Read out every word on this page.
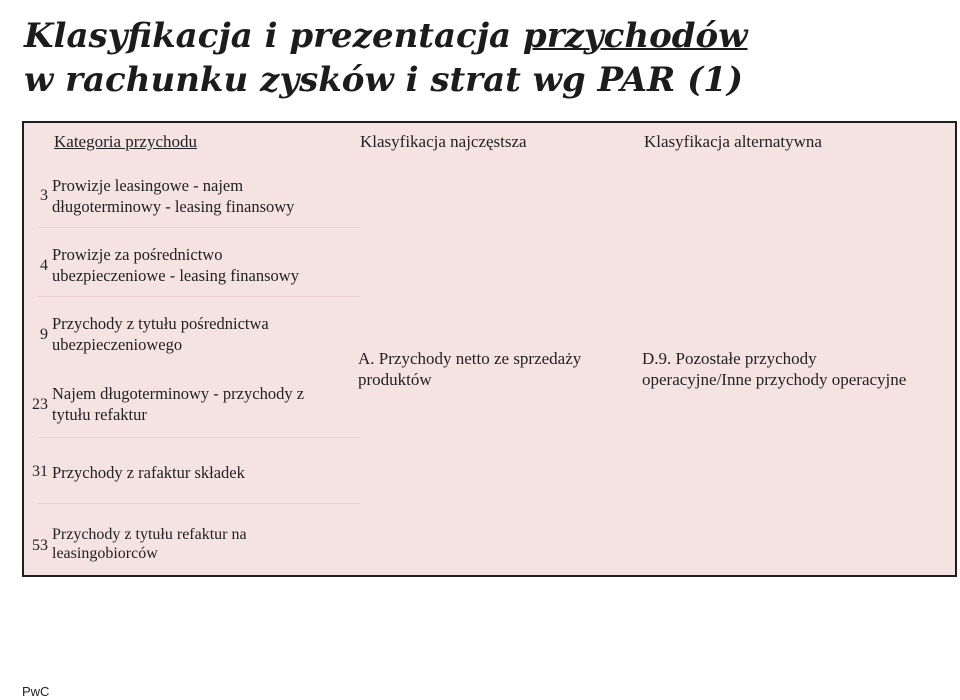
Klasyfikacja i prezentacja przychodów
w rachunku zysków i strat wg PAR (1)
Kategoria przychodu	Klasyfikacja najczęstsza	Klasyfikacja alternatywna
3
Prowizje leasingowe - najem
długoterminowy - leasing finansowy
4
Prowizje za pośrednictwo
ubezpieczeniowe - leasing finansowy
9
Przychody z tytułu pośrednictwa
ubezpieczeniowego
23
Najem długoterminowy - przychody z
tytułu refaktur
31 Przychody z rafaktur składek
53
Przychody z tytułu refaktur na
leasingobiorców
A. Przychody netto ze sprzedaży
produktów
D.9. Pozostałe przychody
operacyjne/Inne przychody operacyjne
PwC
